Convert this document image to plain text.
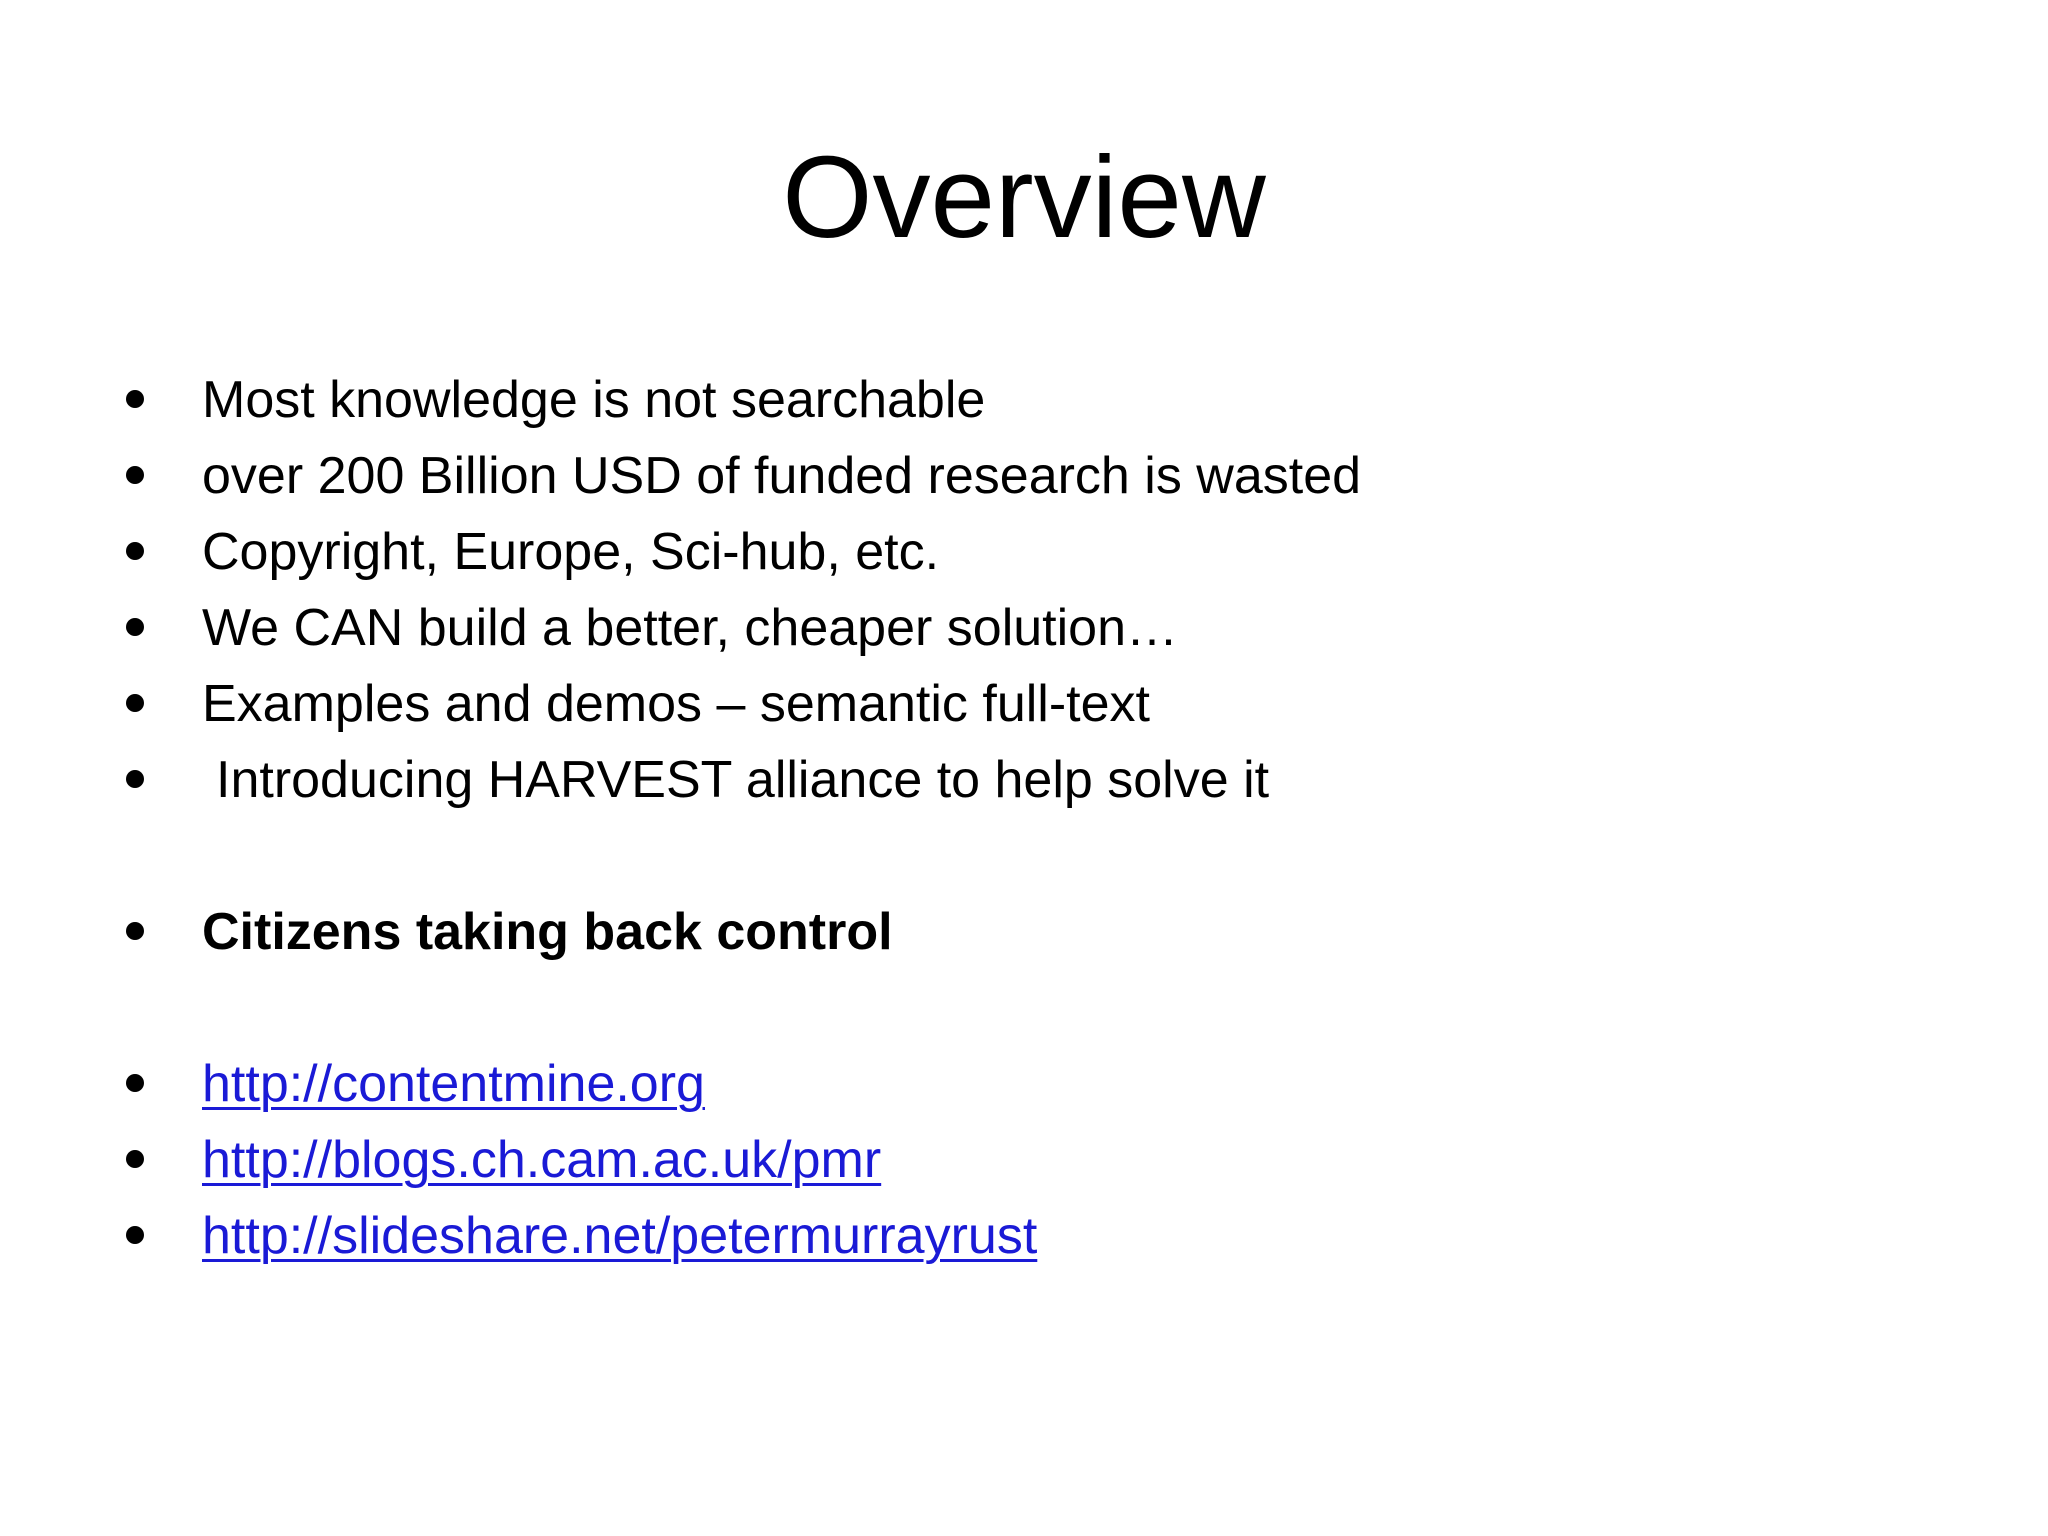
Overview
Most knowledge is not searchable
over 200 Billion USD of funded research is wasted
Copyright, Europe, Sci-hub, etc.
We CAN build a better, cheaper solution…
Examples and demos – semantic full-text
Introducing HARVEST alliance to help solve it
Citizens taking back control
http://contentmine.org
http://blogs.ch.cam.ac.uk/pmr
http://slideshare.net/petermurrayrust
